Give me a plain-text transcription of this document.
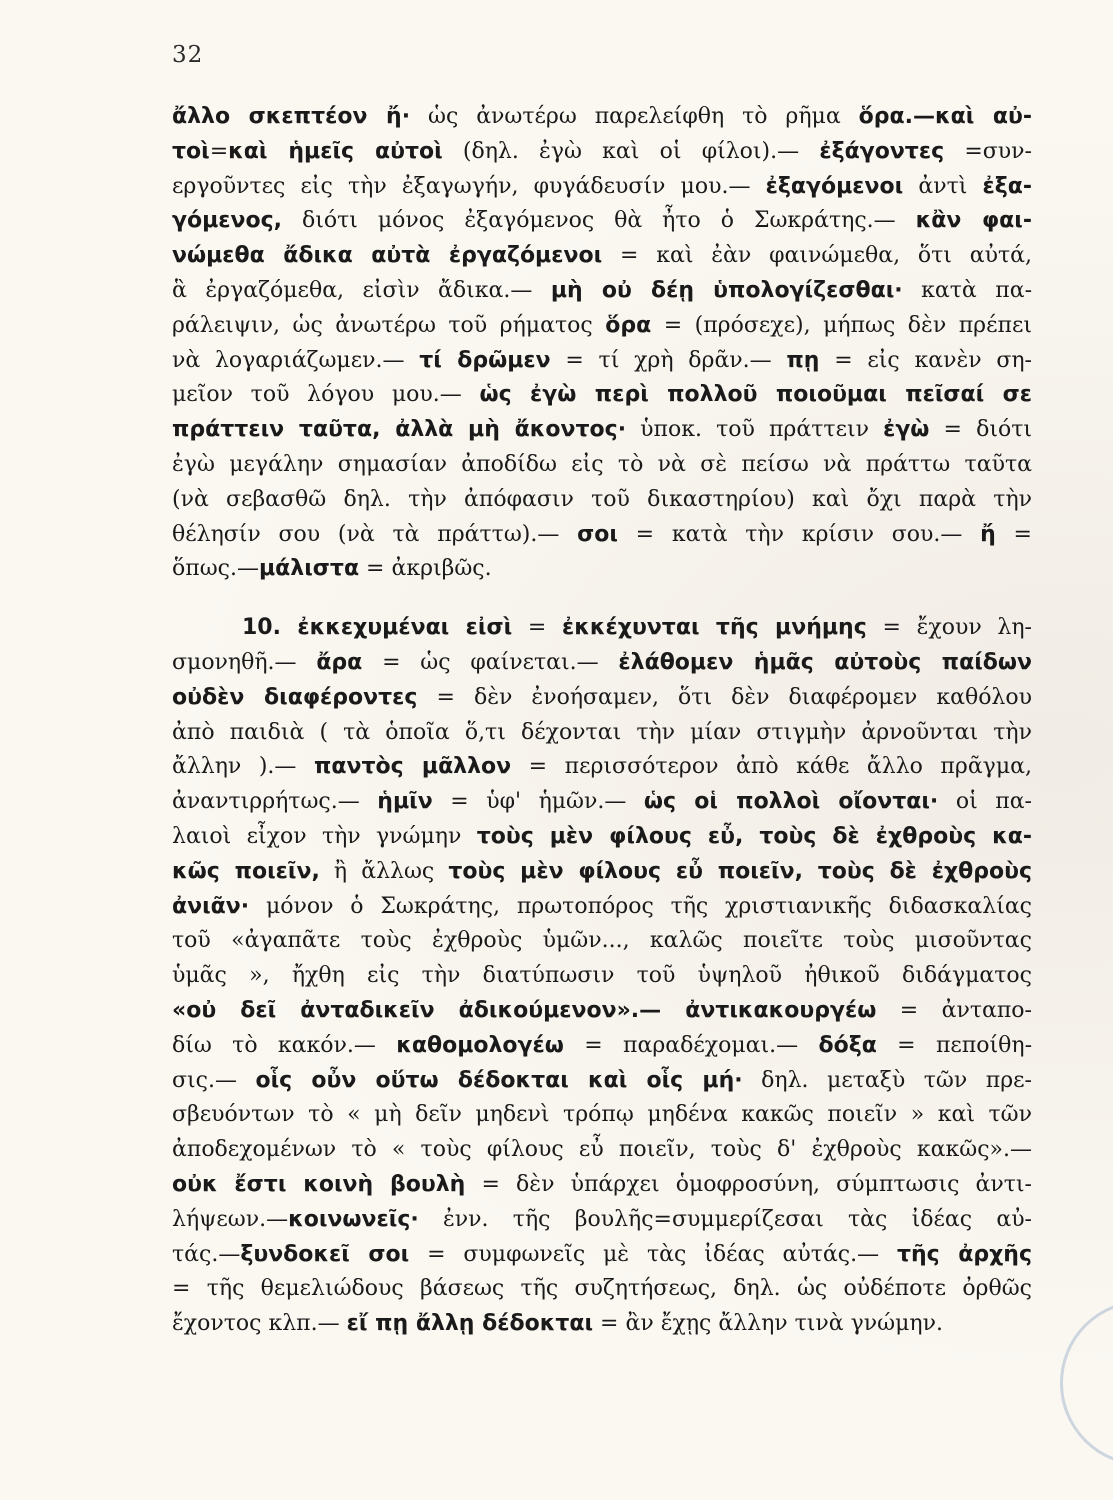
32
ἄλλο σκεπτέον ἤ· ὡς ἀνωτέρω παρελείφθη τὸ ρῆμα ὅρα.—καὶ αὐ-
τοὶ=καὶ ἡμεῖς αὐτοὶ (δηλ. ἐγὼ καὶ οἱ φίλοι).— ἐξάγοντες =συν-
εργοῦντες εἰς τὴν ἐξαγωγήν, φυγάδευσίν μου.— ἐξαγόμενοι ἀντὶ ἐξα-
γόμενος, διότι μόνος ἐξαγόμενος θὰ ἦτο ὁ Σωκράτης.— κἂν φαι-
νώμεθα ἄδικα αὐτὰ ἐργαζόμενοι = καὶ ἐὰν φαινώμεθα, ὅτι αὐτά,
ἃ ἐργαζόμεθα, εἰσὶν ἄδικα.— μὴ οὐ δέῃ ὑπολογίζεσθαι· κατὰ πα-
ράλειψιν, ὡς ἀνωτέρω τοῦ ρήματος ὅρα = (πρόσεχε), μήπως δὲν πρέπει
νὰ λογαριάζωμεν.— τί δρῶμεν = τί χρὴ δρᾶν.— πῃ = εἰς κανὲν ση-
μεῖον τοῦ λόγου μου.— ὡς ἐγὼ περὶ πολλοῦ ποιοῦμαι πεῖσαί σε
πράττειν ταῦτα, ἀλλὰ μὴ ἄκοντος· ὑποκ. τοῦ πράττειν ἐγὼ = διότι
ἐγὼ μεγάλην σημασίαν ἀποδίδω εἰς τὸ νὰ σὲ πείσω νὰ πράττω ταῦτα
(νὰ σεβασθῶ δηλ. τὴν ἀπόφασιν τοῦ δικαστηρίου) καὶ ὄχι παρὰ τὴν
θέλησίν σου (νὰ τὰ πράττω).— σοι = κατὰ τὴν κρίσιν σου.— ἤ =
ὅπως.—μάλιστα = ἀκριβῶς.
10. ἐκκεχυμέναι εἰσὶ = ἐκκέχυνται τῆς μνήμης = ἔχουν λη-
σμονηθῆ.— ἄρα = ὡς φαίνεται.— ἐλάθομεν ἡμᾶς αὐτοὺς παίδων
οὐδὲν διαφέροντες = δὲν ἐνοήσαμεν, ὅτι δὲν διαφέρομεν καθόλου
ἀπὸ παιδιὰ ( τὰ ὁποῖα ὅ,τι δέχονται τὴν μίαν στιγμὴν ἀρνοῦνται τὴν
ἄλλην ).— παντὸς μᾶλλον = περισσότερον ἀπὸ κάθε ἄλλο πρᾶγμα,
ἀναντιρρήτως.— ἡμῖν = ὑφ' ἡμῶν.— ὡς οἱ πολλοὶ οἴονται· οἱ πα-
λαιοὶ εἶχον τὴν γνώμην τοὺς μὲν φίλους εὖ, τοὺς δὲ ἐχθροὺς κα-
κῶς ποιεῖν, ἢ ἄλλως τοὺς μὲν φίλους εὖ ποιεῖν, τοὺς δὲ ἐχθροὺς
ἀνιᾶν· μόνον ὁ Σωκράτης, πρωτοπόρος τῆς χριστιανικῆς διδασκαλίας
τοῦ «ἀγαπᾶτε τοὺς ἐχθροὺς ὑμῶν..., καλῶς ποιεῖτε τοὺς μισοῦντας
ὑμᾶς », ἤχθη εἰς τὴν διατύπωσιν τοῦ ὑψηλοῦ ἠθικοῦ διδάγματος
«οὐ δεῖ ἀνταδικεῖν ἀδικούμενον».— ἀντικακουργέω = ἀνταπο-
δίω τὸ κακόν.— καθομολογέω = παραδέχομαι.— δόξα = πεποίθη-
σις.— οἷς οὖν οὕτω δέδοκται καὶ οἷς μή· δηλ. μεταξὺ τῶν πρε-
σβευόντων τὸ « μὴ δεῖν μηδενὶ τρόπῳ μηδένα κακῶς ποιεῖν » καὶ τῶν
ἀποδεχομένων τὸ « τοὺς φίλους εὖ ποιεῖν, τοὺς δ' ἐχθροὺς κακῶς».—
οὐκ ἔστι κοινὴ βουλὴ = δὲν ὑπάρχει ὁμοφροσύνη, σύμπτωσις ἀντι-
λήψεων.—κοινωνεῖς· ἐνν. τῆς βουλῆς=συμμερίζεσαι τὰς ἰδέας αὐ-
τάς.—ξυνδοκεῖ σοι = συμφωνεῖς μὲ τὰς ἰδέας αὐτάς.— τῆς ἀρχῆς
= τῆς θεμελιώδους βάσεως τῆς συζητήσεως, δηλ. ὡς οὐδέποτε ὀρθῶς
ἔχοντος κλπ.— εἴ πῃ ἄλλῃ δέδοκται = ἂν ἔχῃς ἄλλην τινὰ γνώμην.
